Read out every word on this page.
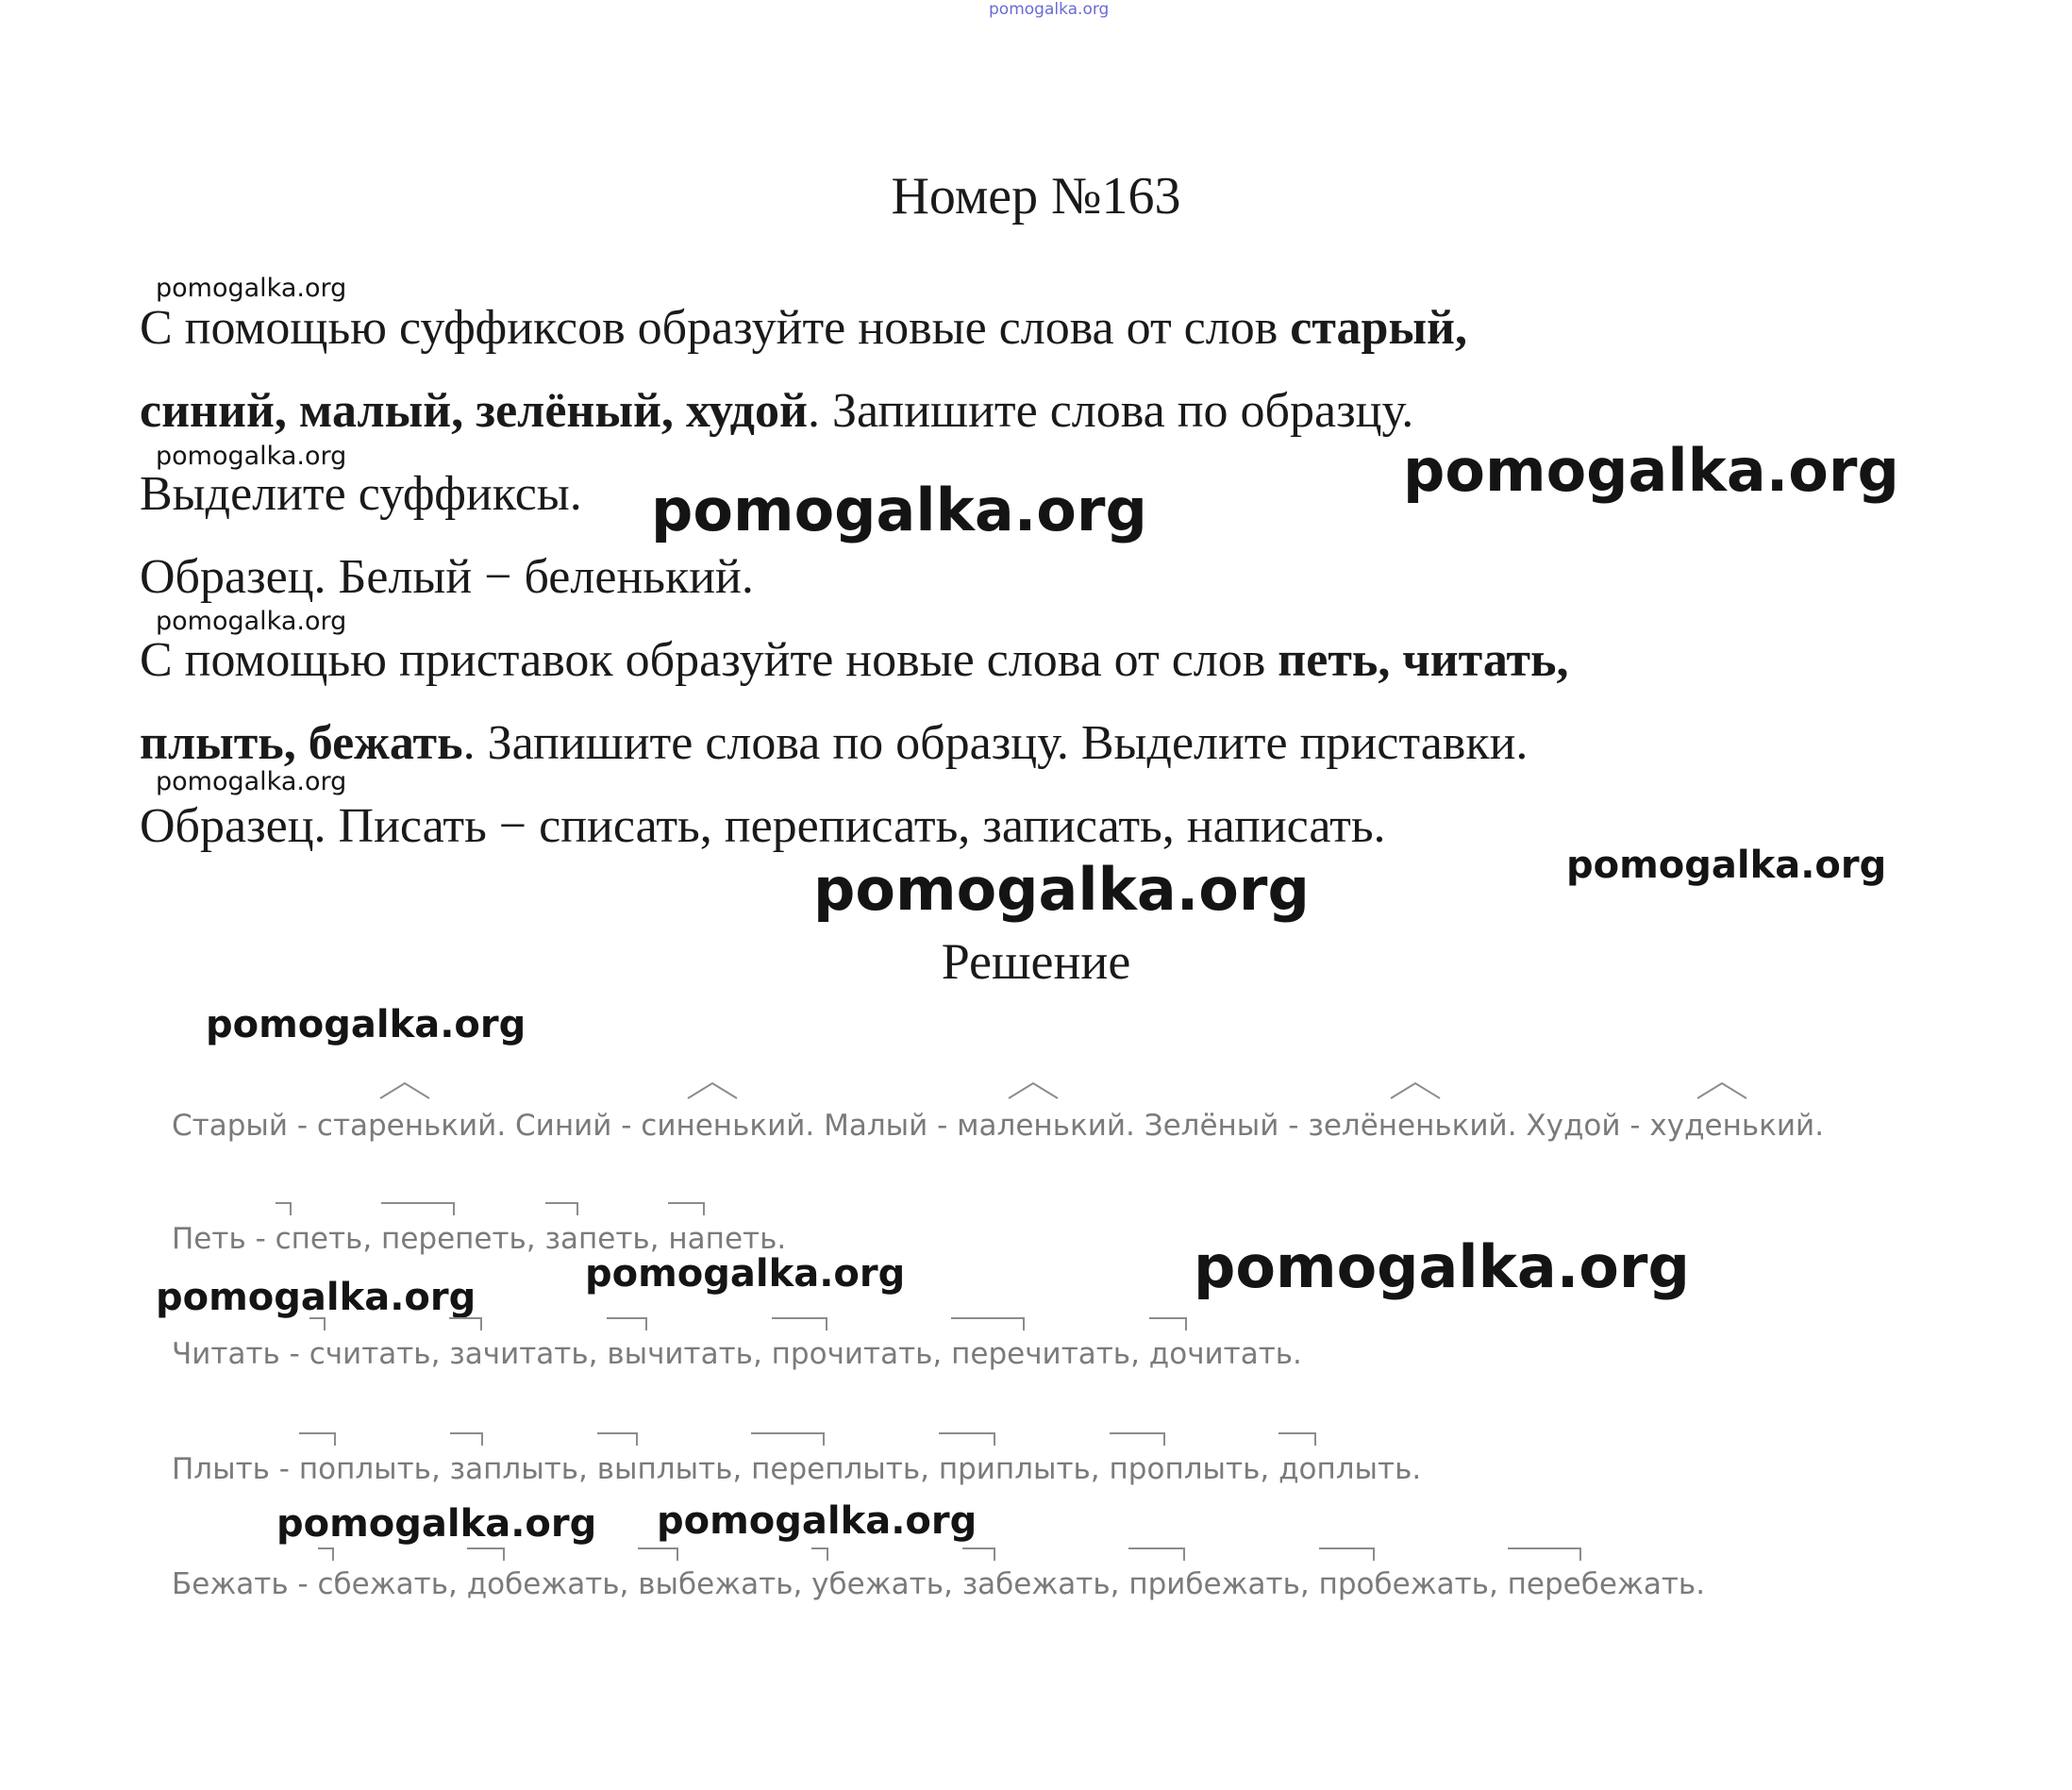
pomogalka.org
pomogalka.org
pomogalka.org
pomogalka.org
pomogalka.org
pomogalka.org
pomogalka.org
pomogalka.org	pomogalka.org
pomogalka.org
pomogalka.org
pomogalka.org
pomogalka.org
pomogalka.org pomogalka.org
Номер №163
С помощью суффиксов образуйте новые слова от слов старый,
синий, малый, зелёный, худой. Запишите слова по образцу.
Выделите суффиксы.
Образец. Белый − беленький.
С помощью приставок образуйте новые слова от слов петь, читать,
плыть, бежать. Запишите слова по образцу. Выделите приставки.
Образец. Писать − списать, переписать, записать, написать.
Решение
Старый - старень
кий. Синий - синень
кий. Малый - малень
кий. Зелёный - зелёнень
кий. Худой - худень
кий.
Петь - с
петь, пере
петь, за
петь, на
петь.
Читать - с
читать, за
читать, вы
читать, про
читать, пере
читать, до
читать.
Плыть - по
плыть, за
плыть, вы
плыть, пере
плыть, при
плыть, про
плыть, до
плыть.
Бежать - с
бежать, до
бежать, вы
бежать, у
бежать, за
бежать, при
бежать, про
бежать, пере
бежать.
